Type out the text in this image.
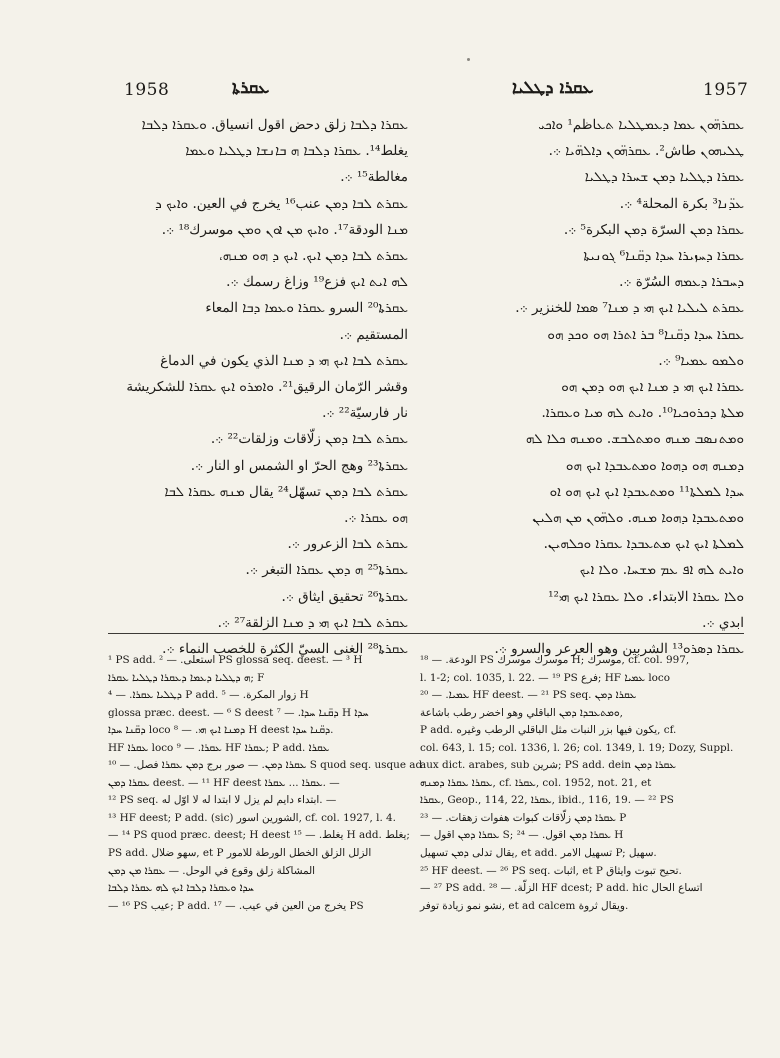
1958	ܥܩܪܬܐ	ܥܩܪܐ ܕܛܠܝܐ	1957
ܥܩܪܐ ܕܠܒܐ زلق دحض اقول انسياق. ܘܥܩܪܐ ܕܠܒܐ
يغلط¹⁴. ܥܩܪܐ ܕܠܒܐ ܗ ܒܐܢܫܐ ܕܛܠܝܐ ܘܥܡܐ
مغالطة¹⁵ ܀.
ܥܩܪܬ ܠܒܐ ܕܡܢ عنب¹⁶ يخرج في العين. ܘܐܝܟ ܕ
ܡܢܐ الودقة¹⁷. ܘܐܝܟ ܡܢ ܐܘܢ ܘܡܢ موسرك¹⁸ ܀.
ܥܩܪܬ ܠܒܐ ܕܡܢ ܐܝܟ. ܐܝܟ ܕ ܗܘ ܡܢܗ،
ܠܗ ܐܝܬ ܐܝܟ فزع¹⁹ وزاغ رسمك ܀.
ܥܩܪܬܐ²⁰ السرو ܥܩܪܐ ܘܥܡܐ ܕܒܐ المعاء
المستقيم ܀.
ܥܩܪܬ ܠܒܐ ܐܝܟ ܗܝ ܕ ܡܢܐ الذي يكون في الدماغ
وقشر الرّمان الرقيق²¹. ܘܐܡܪܘ ܐܝܟ ܥܩܪܐ للشكريشة
نار فارسيّة²² ܀.
ܥܩܪܬ ܠܒܐ ܕܡܢ زلّاقات وزلقات²² ܀.
ܥܩܪܬܐ²³ وهج الحرّ او الشمس او النار ܀.
ܥܩܪܬ ܠܒܐ ܕܡܢ تسهّل²⁴ يقال ܡܢܗ ܥܩܪܐ ܠܒܐ
ܗܘ ܥܩܪܐ ܀.
ܥܩܪܬ ܠܒܐ الزعرور ܀.
ܥܩܪܬܐ²⁵ ܗ ܕܡܢ ܥܩܪܐ التبغر ܀.
ܥܩܪܬܐ²⁶ تحقيق ايثاق ܀.
ܥܩܪܬ ܠܒܐ ܐܝܟ ܗܝ ܕ ܡܢܐ الزلقة²⁷ ܀.
ܥܩܪܬܐ²⁸ الغنى السيّ الكثرة للخصب النماء ܀.
ܥܩܪܗ̈ܘܢ ܥܡܐ ܕܥܡܛܠܝܐ ܬܥاظم¹ ܘܐܟܝ
ܛܠܝܗܘܢ طاش². ܥܩܪܗ̈ܘܢ ܕܐܠܗ̈ܝܐ ܀.
ܥܩܪܐ ܕܛܠܝܐ ܕܡܢ ܫܚܪܐ ܕܛܠܝܐ
ܥܕ̈ܢܐ³ بكرة المحلة⁴ ܀.
ܥܩܪܐ ܕܡܢ السرّة ܕܡܢ البكرة⁵ ܀.
ܥܩܪܐ ܕܚܙܝܪܐ ܚܕܐ ܕܩ̈ܢܐ⁶ ܓܘܢܝܬܐ
ܕܚܒܪܐ ܕܥܡܗ السُرّة ܀.
ܥܩܪܬ ܠܝܠܝܐ ܐܝܟ ܗܝ ܕ ܡܢܐ⁷ ܣܡܐ للخنزير ܀.
ܥܩܪܐ ܚܕܐ ܕܩ̈ܢܐ⁸ ܒܪ ܐܬܪܐ ܗܘ ܘܟܕ ܗܘ
ܘܠܡܘ ܥܡܝܐ⁹ ܀.
ܥܩܪܐ ܐܝܟ ܗܝ ܕ ܡܢܐ ܐܝܟ ܗܘ ܕܡܢ ܗܘ
ܡܠܬܐ ܕܟܪܘܟܝܐ¹⁰. ܘܐܝܬ ܠܗ ܡܝܐ ܘܥܩܪܐ.
ܘܡܬܢܣܒ ܡܢܗ ܘܡܬܠܒܫ. ܘܡܢܗ ܟܠܐ ܠܗ
ܕܡܢܗ ܗܘ ܕܗܘܐ ܘܡܬܥܒܕܐ ܐܝܟ ܗܘ
ܚܕܐ ܠܡܠܬܐ¹¹ ܘܡܬܥܒܕܐ ܐܝܟ ܐܝܟ ܗܘ ܐܘ
ܘܡܬܥܒܕܐ ܕܗܘܐ ܡܢܗ. ܘܠܗ̈ܘܢ ܡܢ ܗܠܝܢ
ܠܡܠܬܐ ܐܝܟ ܐܝܟ ܡܬܥܒܕܐ ܥܩܪܐ ܘܟܠܗܝܢ.
ܘܐܝܬ ܠܗ ܐܦ ܥܡ ܡܫܚܐ. ܘܠܐ ܐܝܟ
ܘܠܐ ܥܩܪܐ الابتداء. ܘܠܐ ܥܩܪܐ ܐܝܟ ܗܝ¹²
ابدي ܀.
ܥܩܪܐ ܕܣܪܘ¹³ الشربين وهو العرعر والسرو ܀.
¹ PS add. استعلى. — ² PS glossa seq. deest. — ³ H
ܗ ܕܛܠܝܐ ܕܥܡܐ ܕܥܩܪܐ ܕܛܠܝܐ ܥܩܪܐ; F
ܕܛܠܝܐ ܥܩܪܐ. — ⁴ P add. زوار المكرة. — ⁵ H
glossa præc. deest. — ⁶ S deest ܕܩ̈ܢܐ ܚܕܐ. — ⁷ H ܚܕܐ
ܕܩ̈ܢܐ ܚܕܐ loco ܕܡܢܐ ܐܝܟ ܗܝ. — ⁸ H deest ܕܩ̈ܢܐ ܚܕܐ.
HF ܥܩܪܐ loco ܥܩܪܐ. — ⁹ HF ܥܩܪܐ; P add. ܥܩܪܐ
ܥܩܪܐ ܕܡܢ. — صور برج ܕܡܢ ܥܩܪܐ فصل. — ¹⁰ S quod seq. usque ad
ܥܩܪܐ ܕܡܢ deest. — ¹¹ HF deest ܥܩܪܐ ... ܥܩܪܐ. —
¹² PS seq. ابتداء دايم لم يزل لا ابتدا له لا اوّل له. —
¹³ HF deest; P add. (sic) الشورين اسور, cf. col. 1927, l. 4.
— ¹⁴ PS quod præc. deest; H deest يغلط. — ¹⁵ H add. يغلط;
PS add. سهو ضلال, et P الزلل الزلق الخطل الورطة للامور
المشاكلة زلق وقوع في الوحل. — ܥܩܪܐ ܡܢ ܕܡܢ
ܚܕܐ ܘܥܩܪܐ ܕܠܒܐ ܐܝܟ ܠܗ ܥܩܪܐ ܕܠܒܐ
— ¹⁶ PS عيب; P add. يخرج من العين في عيب. — ¹⁷ PS
الودعة. — ¹⁸ PS موسرك موسرك H; موسرك, cf. col. 997,
l. 1-2; col. 1035, l. 22. — ¹⁹ PS فرع; HF ܥܡܝܐ loco
ܥܡܝܐ. — ²⁰ HF deest. — ²¹ PS seq. ܥܩܪܐ ܕܡܢ
ܘܡܬܥܒܕܐ ܕܡܢ الباقلي وهو اخضر رطب باشاعة,
P add. يكون فيها بزر النبات مثل الباقلي الرطب وغيره, cf.
col. 643, l. 15; col. 1336, l. 26; col. 1349, l. 19; Dozy, Suppl.
aux dict. arabes, sub شرين; PS add. dein ܥܩܪܐ ܕܡܢ
ܥܩܪܐ ܥܩܪܐ ܕܡܢܗ, cf. ܥܩܪܐ, col. 1952, not. 21, et
ܥܩܪܐ, Geop., 114, 22, ܥܩܪܐ, ibid., 116, 19. — ²² PS
ܥܩܪܐ ܕܡܢ زلّاقات كبوات هفوات زهقات. — ²³ P
— ܥܩܪܐ ܕܡܢ اقول S; ܥܩܪܐ ܕܡܢ اقول. — ²⁴ H
يقال تدلى ܕܡܢ تسهيل, et add. تسهيل الامر P; سهيل.
²⁵ HF deest. — ²⁶ PS seq. اثبات, et P تحيح تبوت وايثاق.
— ²⁷ PS add. الزلّة. — ²⁸ HF dcest; P add. hic اتساع الحال
نشو نمو زيادة توفر, et ad calcem ويقال ثروة.
